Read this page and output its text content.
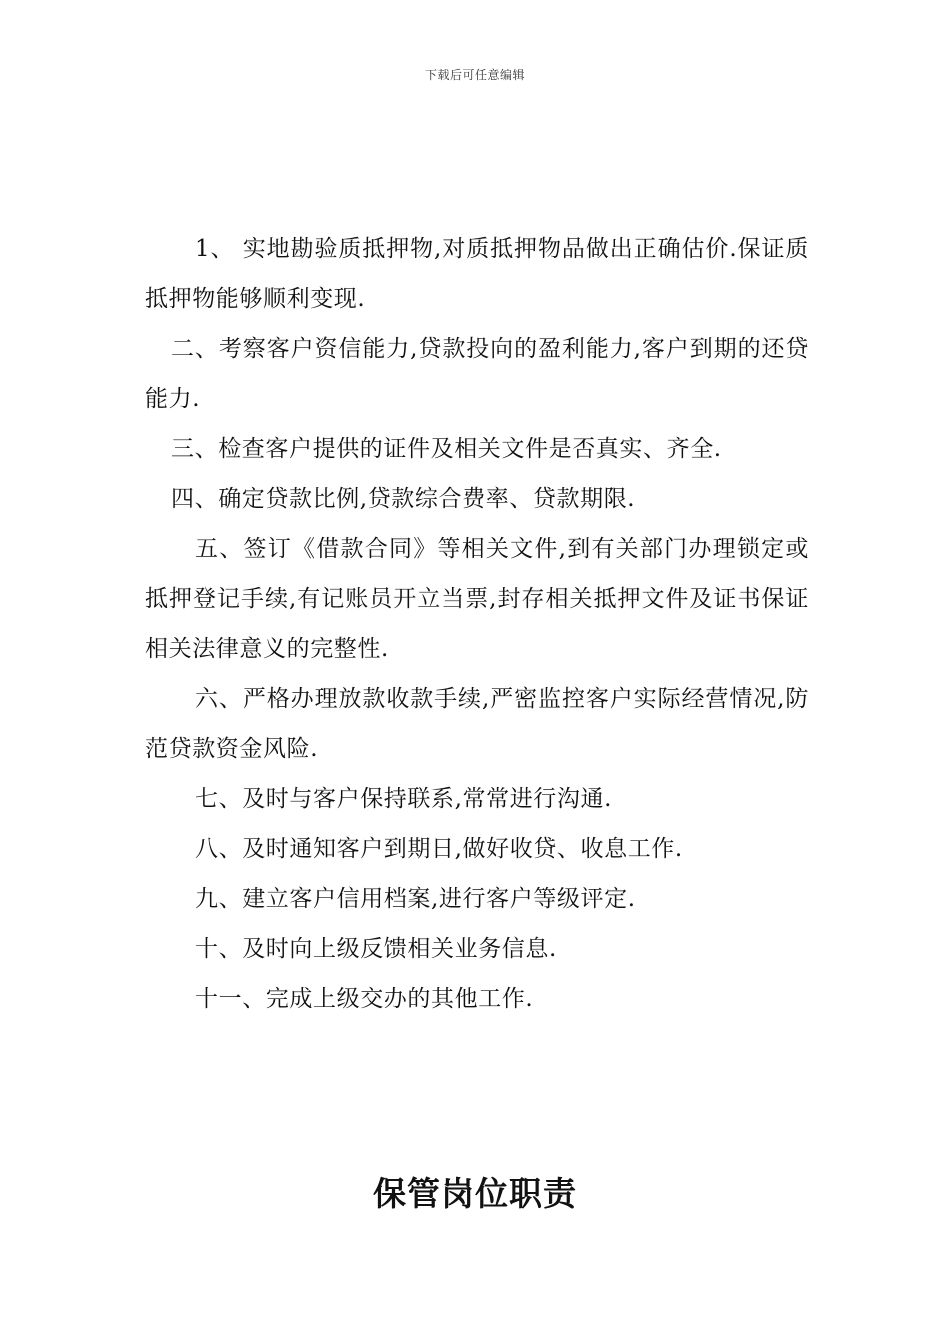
下载后可任意编辑

1、 实地勘验质抵押物,对质抵押物品做出正确估价.保证质抵押物能够顺利变现.

二、考察客户资信能力,贷款投向的盈利能力,客户到期的还贷能力.

三、检查客户提供的证件及相关文件是否真实、齐全.

四、确定贷款比例,贷款综合费率、贷款期限.

五、签订《借款合同》等相关文件,到有关部门办理锁定或抵押登记手续,有记账员开立当票,封存相关抵押文件及证书保证相关法律意义的完整性.

六、严格办理放款收款手续,严密监控客户实际经营情况,防范贷款资金风险.

七、及时与客户保持联系,常常进行沟通.

八、及时通知客户到期日,做好收贷、收息工作.

九、建立客户信用档案,进行客户等级评定.

十、及时向上级反馈相关业务信息.

十一、完成上级交办的其他工作.

保管岗位职责
